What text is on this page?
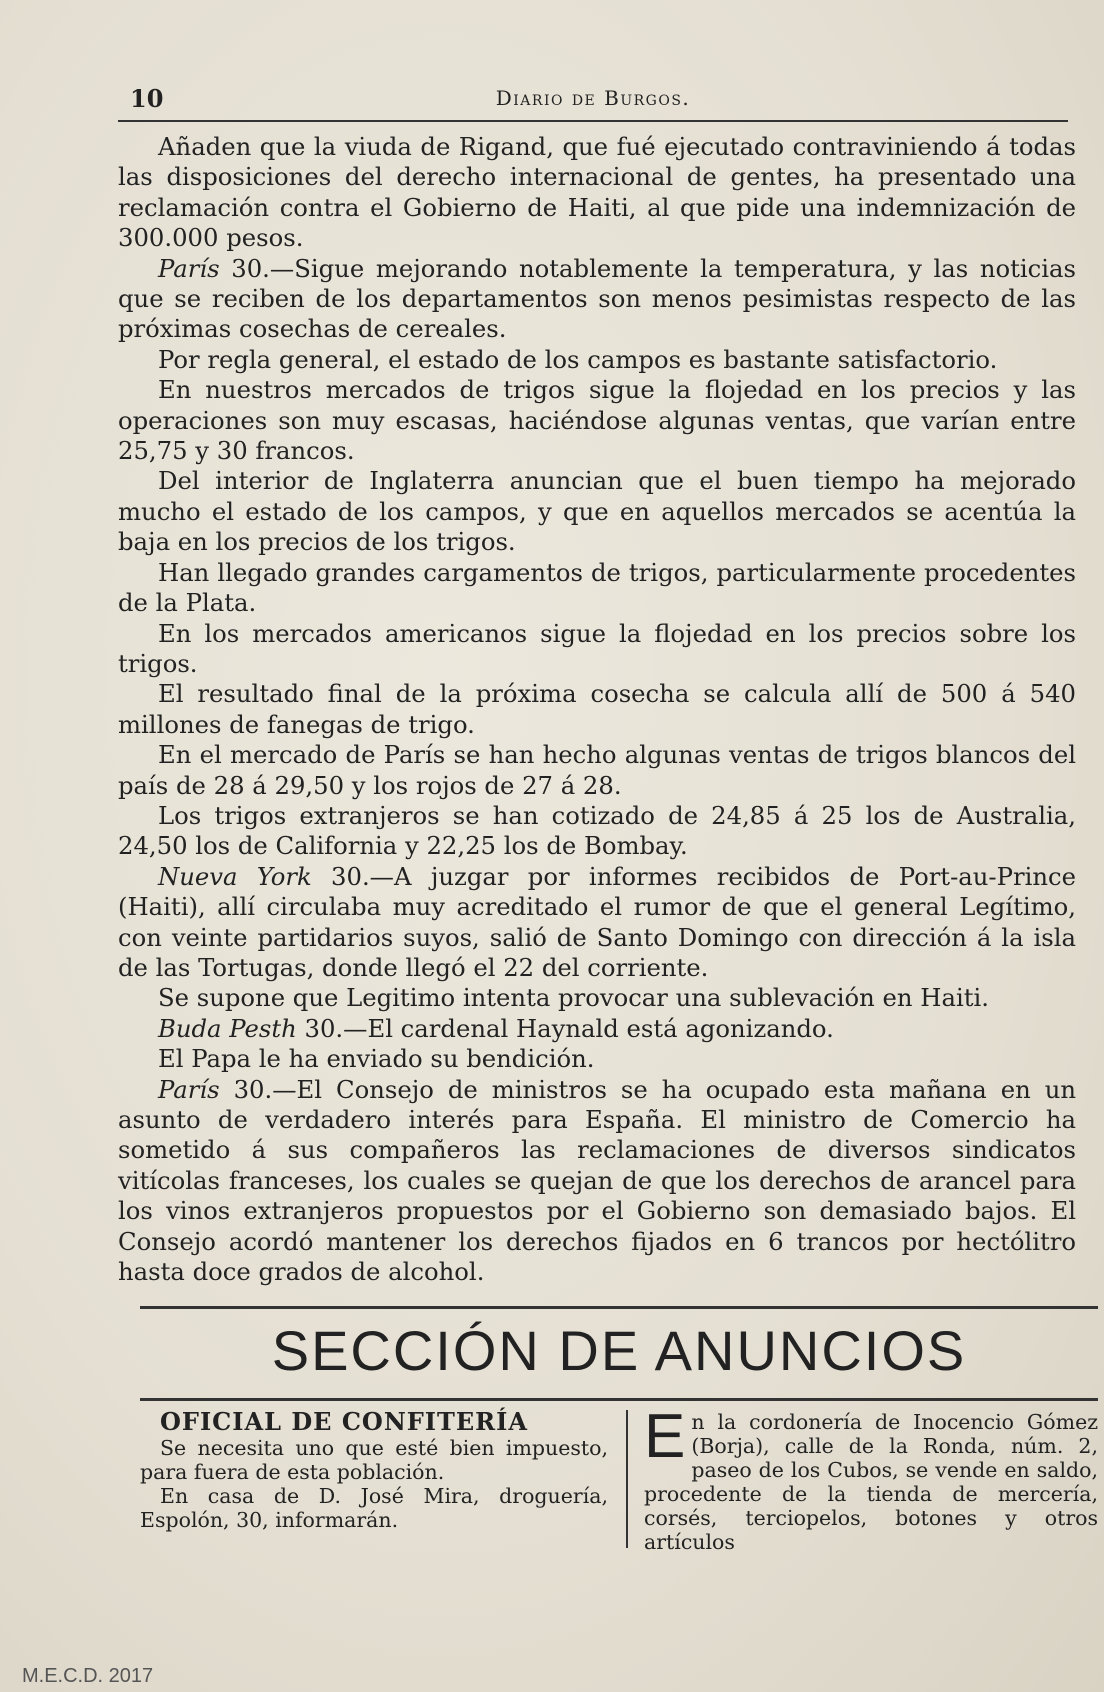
10	Diario de Burgos.

Añaden que la viuda de Rigand, que fué ejecutado contraviniendo á todas las disposiciones del derecho internacional de gentes, ha presentado una reclamación contra el Gobierno de Haiti, al que pide una indemnización de 300.000 pesos.

París 30.—Sigue mejorando notablemente la temperatura, y las noticias que se reciben de los departamentos son menos pesimistas respecto de las próximas cosechas de cereales.

Por regla general, el estado de los campos es bastante satisfactorio.

En nuestros mercados de trigos sigue la flojedad en los precios y las operaciones son muy escasas, haciéndose algunas ventas, que varían entre 25,75 y 30 francos.

Del interior de Inglaterra anuncian que el buen tiempo ha mejorado mucho el estado de los campos, y que en aquellos mercados se acentúa la baja en los precios de los trigos.

Han llegado grandes cargamentos de trigos, particularmente procedentes de la Plata.

En los mercados americanos sigue la flojedad en los precios sobre los trigos.

El resultado final de la próxima cosecha se calcula allí de 500 á 540 millones de fanegas de trigo.

En el mercado de París se han hecho algunas ventas de trigos blancos del país de 28 á 29,50 y los rojos de 27 á 28.

Los trigos extranjeros se han cotizado de 24,85 á 25 los de Australia, 24,50 los de California y 22,25 los de Bombay.

Nueva York 30.—A juzgar por informes recibidos de Port-au-Prince (Haiti), allí circulaba muy acreditado el rumor de que el general Legítimo, con veinte partidarios suyos, salió de Santo Domingo con dirección á la isla de las Tortugas, donde llegó el 22 del corriente.

Se supone que Legitimo intenta provocar una sublevación en Haiti.

Buda Pesth 30.—El cardenal Haynald está agonizando.

El Papa le ha enviado su bendición.

París 30.—El Consejo de ministros se ha ocupado esta mañana en un asunto de verdadero interés para España. El ministro de Comercio ha sometido á sus compañeros las reclamaciones de diversos sindicatos vitícolas franceses, los cuales se quejan de que los derechos de arancel para los vinos extranjeros propuestos por el Gobierno son demasiado bajos. El Consejo acordó mantener los derechos fijados en 6 trancos por hectólitro hasta doce grados de alcohol.

SECCIÓN DE ANUNCIOS
OFICIAL DE CONFITERÍA
Se necesita uno que esté bien impuesto, para fuera de esta población.
En casa de D. José Mira, droguería, Espolón, 30, informarán.
E n la cordonería de Inocencio Gómez (Borja), calle de la Ronda, núm. 2, paseo de los Cubos, se vende en saldo, procedente de la tienda de mercería, corsés, terciopelos, botones y otros artículos
M.E.C.D. 2017
